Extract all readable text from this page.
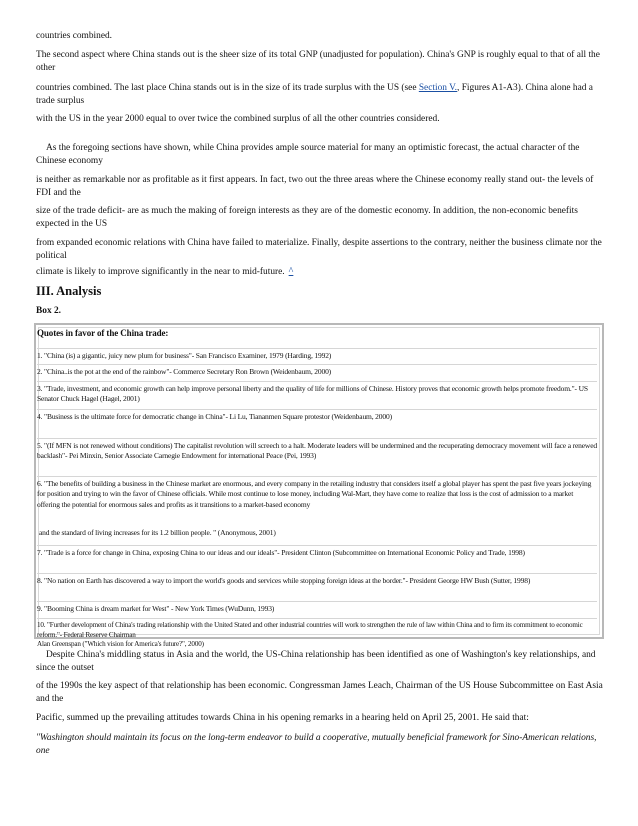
countries combined.

The second aspect where China stands out is the sheer size of its total GNP (unadjusted for population). China's GNP is roughly equal to that of all the other

countries combined. The last place China stands out is in the size of its trade surplus with the US (see Section V., Figures A1-A3). China alone had a trade surplus

with the US in the year 2000 equal to over twice the combined surplus of all the other countries considered.

As the foregoing sections have shown, while China provides ample source material for many an optimistic forecast, the actual character of the Chinese economy

is neither as remarkable nor as profitable as it first appears. In fact, two out the three areas where the Chinese economy really stand out- the levels of FDI and the

size of the trade deficit- are as much the making of foreign interests as they are of the domestic economy. In addition, the non-economic benefits expected in the US

from expanded economic relations with China have failed to materialize. Finally, despite assertions to the contrary, neither the business climate nor the political

climate is likely to improve significantly in the near to mid-future. ^

III. Analysis

Box 2.

Quotes in favor of the China trade:

1. "China (is) a gigantic, juicy new plum for business"- San Francisco Examiner, 1979 (Harding, 1992)

2. "China..is the pot at the end of the rainbow"- Commerce Secretary Ron Brown (Weidenbaum, 2000)

3. "Trade, investment, and economic growth can help improve personal liberty and the quality of life for millions of Chinese. History proves that economic growth helps promote freedom."- US Senator Chuck Hagel (Hagel, 2001)

4. "Business is the ultimate force for democratic change in China"- Li Lu, Tiananmen Square protestor (Weidenbaum, 2000)

5. "(If MFN is not renewed without conditions) The capitalist revolution will screech to a halt. Moderate leaders will be undermined and the recuperating democracy movement will face a renewed backlash"- Pei Minxin, Senior Associate Carnegie Endowment for international Peace (Pei, 1993)

6. "The benefits of building a business in the Chinese market are enormous, and every company in the retailing industry that considers itself a global player has spent the past five years jockeying for position and trying to win the favor of Chinese officials. While most continue to lose money, including Wal-Mart, they have come to realize that loss is the cost of admission to a market offering the potential for enormous sales and profits as it transitions to a market-based economy

and the standard of living increases for its 1.2 billion people. " (Anonymous, 2001)

7. "Trade is a force for change in China, exposing China to our ideas and our ideals"- President Clinton (Subcommittee on International Economic Policy and Trade, 1998)

8. "No nation on Earth has discovered a way to import the world's goods and services while stopping foreign ideas at the border."- President George HW Bush (Sutter, 1998)

9. "Booming China is dream market for West" - New York Times (WuDunn, 1993)

10. "Further development of China's trading relationship with the United Stated and other industrial countries will work to strengthen the rule of law within China and to firm its commitment to economic reform."- Federal Reserve Chairman
Alan Greenspan ("Which vision for America's future?", 2000)

Despite China's middling status in Asia and the world, the US-China relationship has been identified as one of Washington's key relationships, and since the outset

of the 1990s the key aspect of that relationship has been economic. Congressman James Leach, Chairman of the US House Subcommittee on East Asia and the

Pacific, summed up the prevailing attitudes towards China in his opening remarks in a hearing held on April 25, 2001. He said that:

"Washington should maintain its focus on the long-term endeavor to build a cooperative, mutually beneficial framework for Sino-American relations, one
